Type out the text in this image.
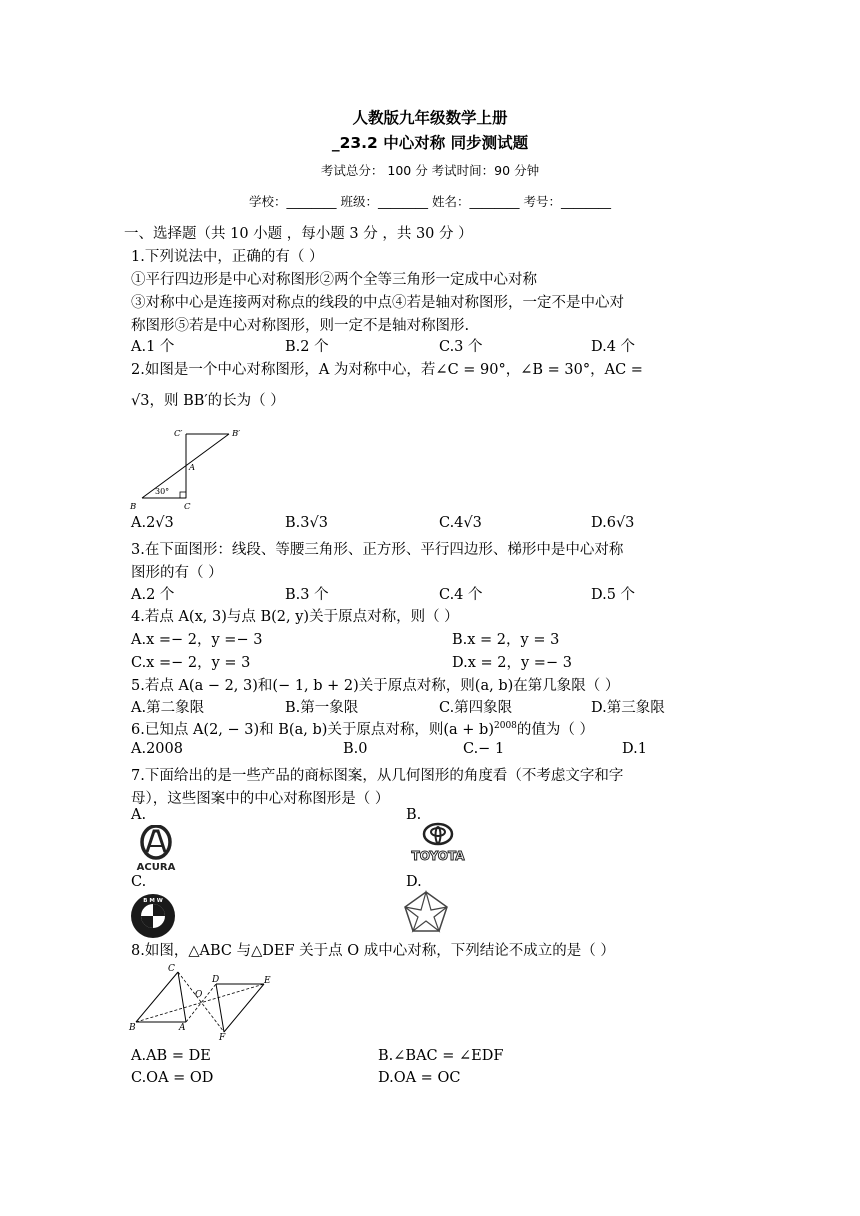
人教版九年级数学上册
_23.2 中心对称 同步测试题
考试总分： 100 分 考试时间：90 分钟
学校：________ 班级：________ 姓名：________ 考号：________
一、选择题（共 10 小题 ，每小题 3 分 ，共 30 分 ）
1.下列说法中，正确的有（ ）
①平行四边形是中心对称图形②两个全等三角形一定成中心对称
③对称中心是连接两对称点的线段的中点④若是轴对称图形，一定不是中心对
称图形⑤若是中心对称图形，则一定不是轴对称图形.
A.1 个	B.2 个	C.3 个	D.4 个
2.如图是一个中心对称图形，A 为对称中心，若∠C = 90°，∠B = 30°，AC =
√3，则 BB′的长为（ ）
C′	B′
A
30°
B	C
A.2√3	B.3√3	C.4√3	D.6√3
3.在下面图形：线段、等腰三角形、正方形、平行四边形、梯形中是中心对称
图形的有（ ）
A.2 个	B.3 个	C.4 个	D.5 个
4.若点 A(x, 3)与点 B(2, y)关于原点对称，则（ ）
A.x =− 2，y =− 3	B.x = 2，y = 3
C.x =− 2，y = 3	D.x = 2，y =− 3
5.若点 A(a − 2, 3)和(− 1, b + 2)关于原点对称，则(a, b)在第几象限（ ）
A.第二象限	B.第一象限	C.第四象限	D.第三象限
6.已知点 A(2, − 3)和 B(a, b)关于原点对称，则$(a + b)^{2008}$的值为（ ）
A.2008	B.0	C.− 1	D.1
7.下面给出的是一些产品的商标图案，从几何图形的角度看（不考虑文字和字
母），这些图案中的中心对称图形是（ ）
A.	B.
ACURA
TOYOTA
C.	D.
B M W
8.如图，△ABC 与△DEF 关于点 O 成中心对称，下列结论不成立的是（ ）
C
D	E
O
B	A
F
A.AB = DE	B.∠BAC = ∠EDF
C.OA = OD	D.OA = OC
